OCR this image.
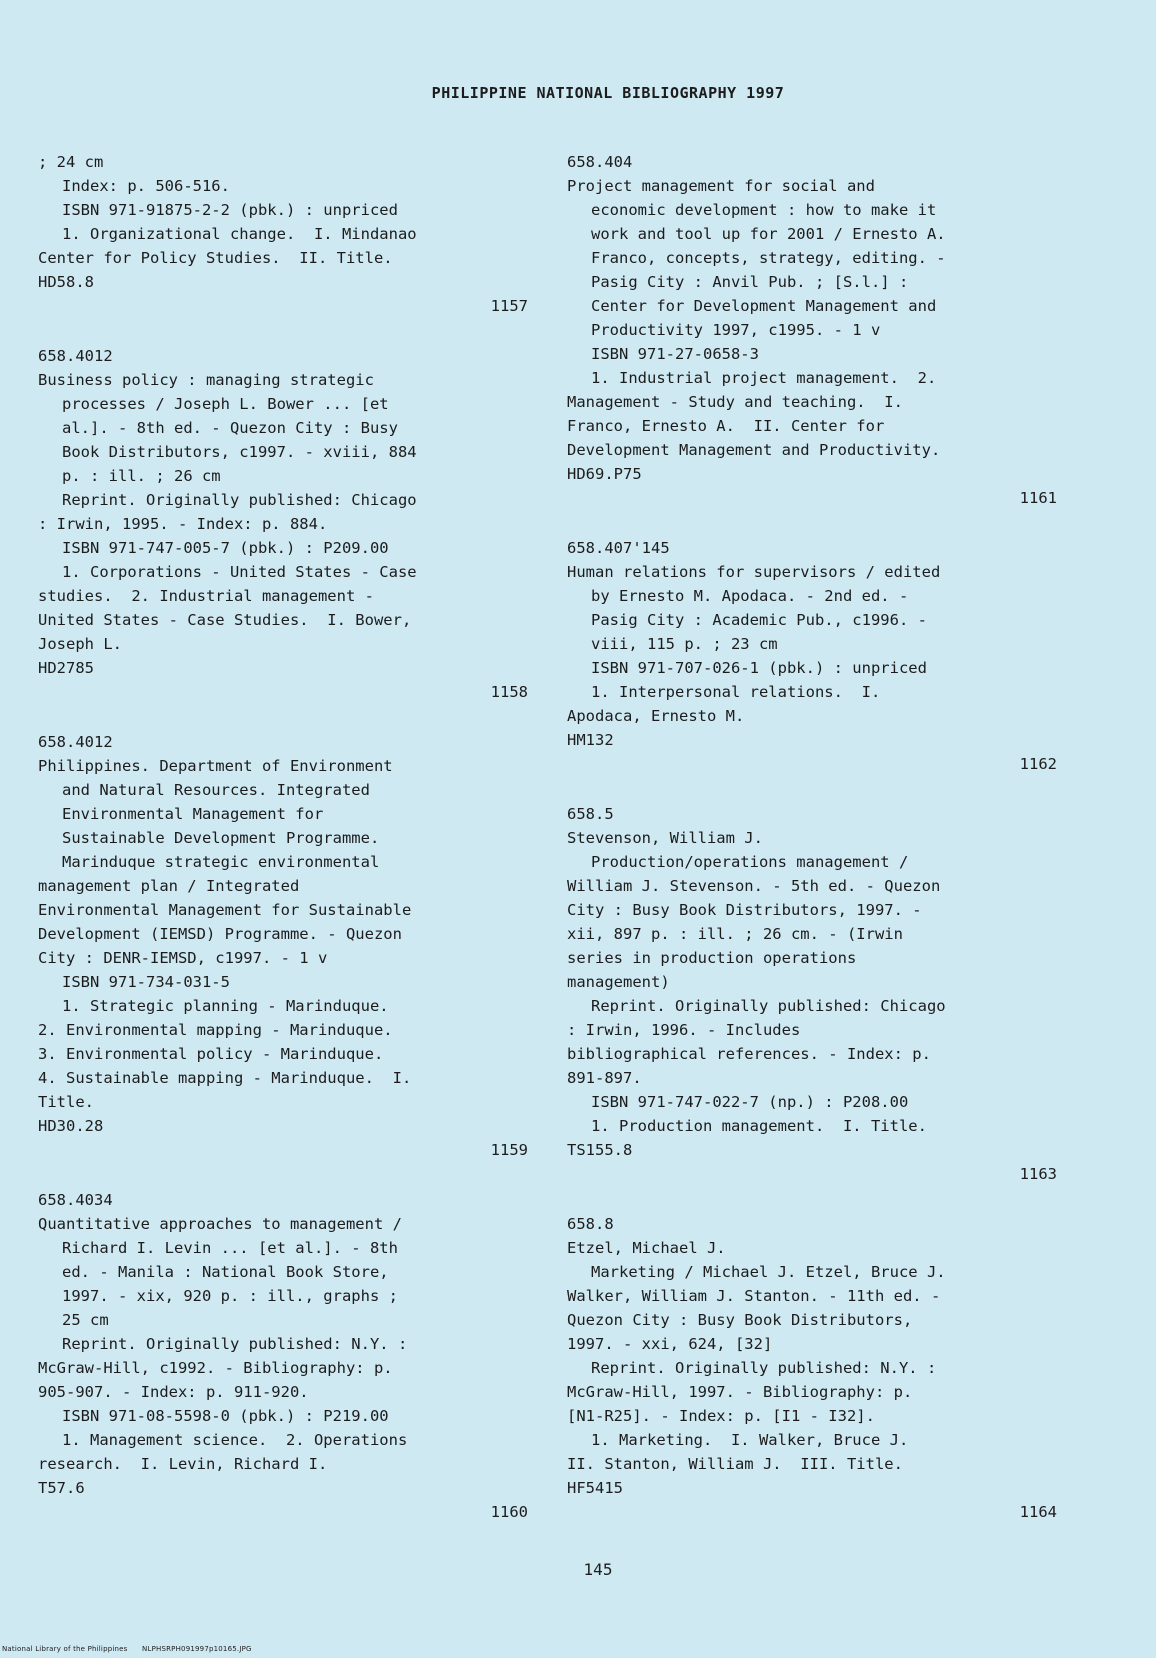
PHILIPPINE NATIONAL BIBLIOGRAPHY 1997
; 24 cm
Index: p. 506-516.
ISBN 971-91875-2-2 (pbk.) : unpriced
1. Organizational change.  I. Mindanao
Center for Policy Studies.  II. Title.
HD58.8
1157
658.4012
Business policy : managing strategic
processes / Joseph L. Bower ... [et
al.]. - 8th ed. - Quezon City : Busy
Book Distributors, c1997. - xviii, 884
p. : ill. ; 26 cm
Reprint. Originally published: Chicago
: Irwin, 1995. - Index: p. 884.
ISBN 971-747-005-7 (pbk.) : P209.00
1. Corporations - United States - Case
studies.  2. Industrial management -
United States - Case Studies.  I. Bower,
Joseph L.
HD2785
1158
658.4012
Philippines. Department of Environment
and Natural Resources. Integrated
Environmental Management for
Sustainable Development Programme.
Marinduque strategic environmental
management plan / Integrated
Environmental Management for Sustainable
Development (IEMSD) Programme. - Quezon
City : DENR-IEMSD, c1997. - 1 v
ISBN 971-734-031-5
1. Strategic planning - Marinduque.
2. Environmental mapping - Marinduque.
3. Environmental policy - Marinduque.
4. Sustainable mapping - Marinduque.  I.
Title.
HD30.28
1159
658.4034
Quantitative approaches to management /
Richard I. Levin ... [et al.]. - 8th
ed. - Manila : National Book Store,
1997. - xix, 920 p. : ill., graphs ;
25 cm
Reprint. Originally published: N.Y. :
McGraw-Hill, c1992. - Bibliography: p.
905-907. - Index: p. 911-920.
ISBN 971-08-5598-0 (pbk.) : P219.00
1. Management science.  2. Operations
research.  I. Levin, Richard I.
T57.6
1160
658.404
Project management for social and
economic development : how to make it
work and tool up for 2001 / Ernesto A.
Franco, concepts, strategy, editing. -
Pasig City : Anvil Pub. ; [S.l.] :
Center for Development Management and
Productivity 1997, c1995. - 1 v
ISBN 971-27-0658-3
1. Industrial project management.  2.
Management - Study and teaching.  I.
Franco, Ernesto A.  II. Center for
Development Management and Productivity.
HD69.P75
1161
658.407'145
Human relations for supervisors / edited
by Ernesto M. Apodaca. - 2nd ed. -
Pasig City : Academic Pub., c1996. -
viii, 115 p. ; 23 cm
ISBN 971-707-026-1 (pbk.) : unpriced
1. Interpersonal relations.  I.
Apodaca, Ernesto M.
HM132
1162
658.5
Stevenson, William J.
Production/operations management /
William J. Stevenson. - 5th ed. - Quezon
City : Busy Book Distributors, 1997. -
xii, 897 p. : ill. ; 26 cm. - (Irwin
series in production operations
management)
Reprint. Originally published: Chicago
: Irwin, 1996. - Includes
bibliographical references. - Index: p.
891-897.
ISBN 971-747-022-7 (np.) : P208.00
1. Production management.  I. Title.
TS155.8
1163
658.8
Etzel, Michael J.
Marketing / Michael J. Etzel, Bruce J.
Walker, William J. Stanton. - 11th ed. -
Quezon City : Busy Book Distributors,
1997. - xxi, 624, [32]
Reprint. Originally published: N.Y. :
McGraw-Hill, 1997. - Bibliography: p.
[N1-R25]. - Index: p. [I1 - I32].
1. Marketing.  I. Walker, Bruce J.
II. Stanton, William J.  III. Title.
HF5415
1164
145
National Library of the Philippines      NLPHSRPH091997p10165.JPG
